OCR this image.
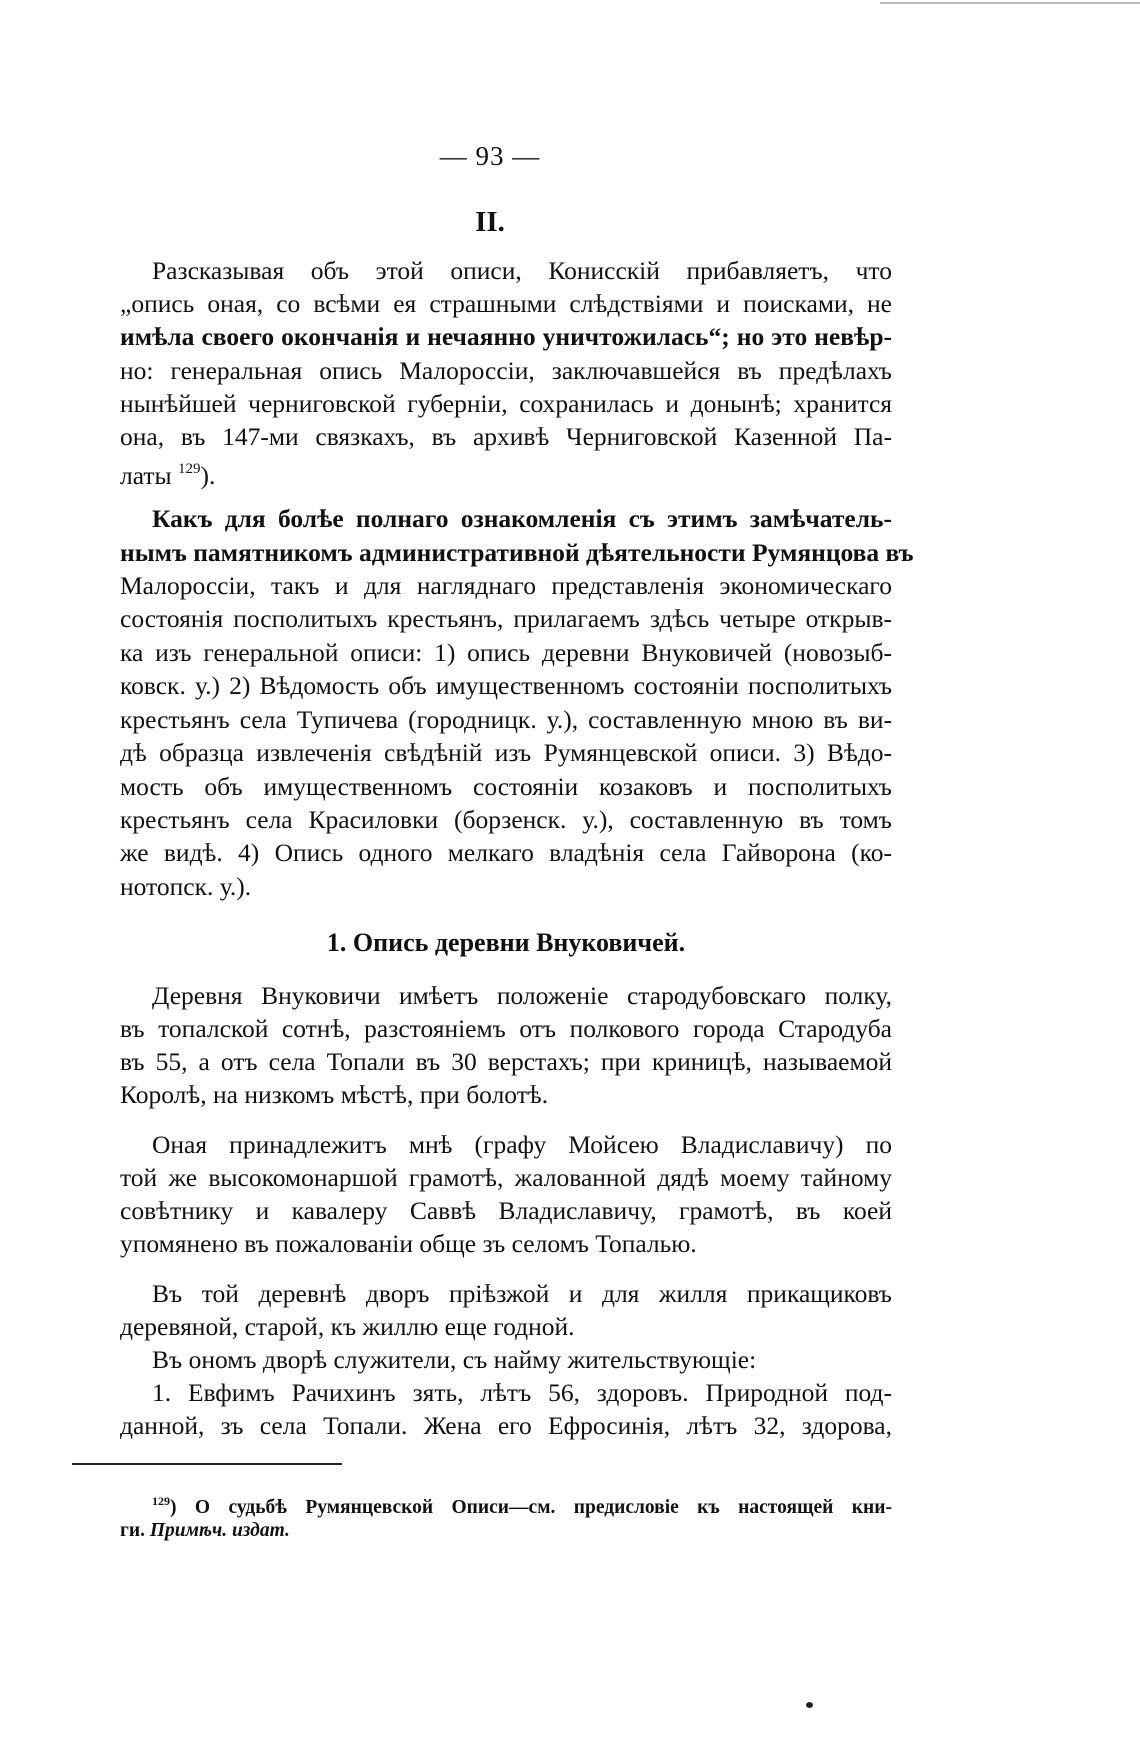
— 93 —
II.
Разсказывая объ этой описи, Конисскій прибавляетъ, что
„опись оная, со всѣми ея страшными слѣдствіями и поисками, не
имѣла своего окончанія и нечаянно уничтожилась“; но это невѣр-
но: генеральная опись Малороссіи, заключавшейся въ предѣлахъ
нынѣйшей черниговской губерніи, сохранилась и донынѣ; хранится
она, въ 147-ми связкахъ, въ архивѣ Черниговской Казенной Па-
латы $^{129}$).
Какъ для болѣе полнаго ознакомленія съ этимъ замѣчатель-
нымъ памятникомъ административной дѣятельности Румянцова въ
Малороссіи, такъ и для нагляднаго представленія экономическаго
состоянія посполитыхъ крестьянъ, прилагаемъ здѣсь четыре открыв-
ка изъ генеральной описи: 1) опись деревни Внуковичей (новозыб-
ковск. у.) 2) Вѣдомость объ имущественномъ состояніи посполитыхъ
крестьянъ села Тупичева (городницк. у.), составленную мною въ ви-
дѣ образца извлеченія свѣдѣній изъ Румянцевской описи. 3) Вѣдо-
мость объ имущественномъ состояніи козаковъ и посполитыхъ
крестьянъ села Красиловки (борзенск. у.), составленную въ томъ
же видѣ. 4) Опись одного мелкаго владѣнія села Гайворона (ко-
нотопск. у.).
1. Опись деревни Внуковичей.
Деревня Внуковичи имѣетъ положеніе стародубовскаго полку,
въ топалской сотнѣ, разстояніемъ отъ полкового города Стародуба
въ 55, а отъ села Топали въ 30 верстахъ; при криницѣ, называемой
Королѣ, на низкомъ мѣстѣ, при болотѣ.
Оная принадлежитъ мнѣ (графу Мойсею Владиславичу) по
той же высокомонаршой грамотѣ, жалованной дядѣ моему тайному
совѣтнику и кавалеру Саввѣ Владиславичу, грамотѣ, въ коей
упомянено въ пожалованіи обще зъ селомъ Топалью.
Въ той деревнѣ дворъ пріѣзжой и для жилля прикащиковъ
деревяной, старой, къ жиллю еще годной.
Въ ономъ дворѣ служители, съ найму жительствующіе:
1. Евфимъ Рачихинъ зять, лѣтъ 56, здоровъ. Природной под-
данной, зъ села Топали. Жена его Ефросинія, лѣтъ 32, здорова,
$^{129}$) О судьбѣ Румянцевской Описи—см. предисловіе къ настоящей кни-
ги. Примѣч. издат.
